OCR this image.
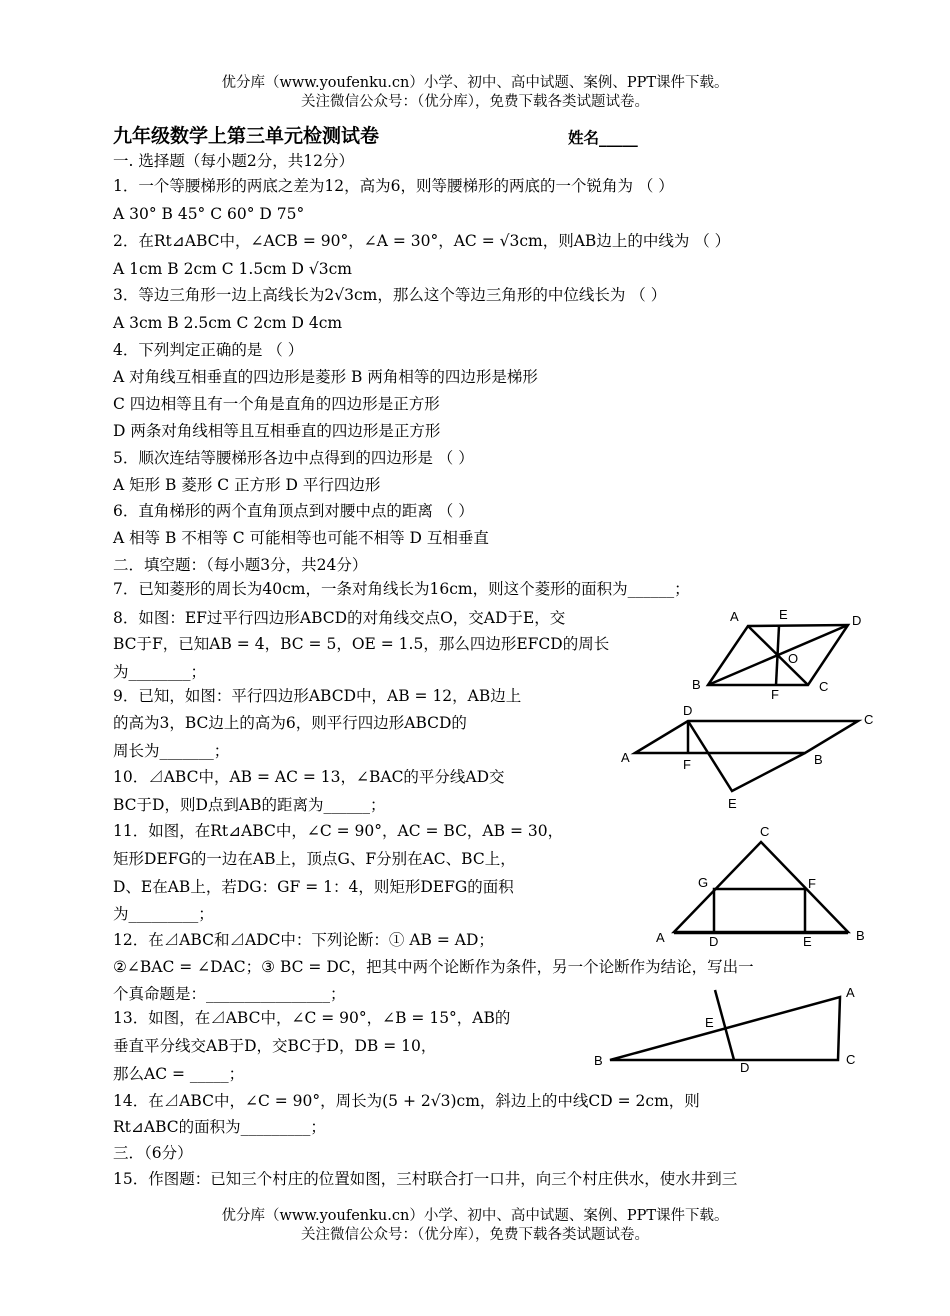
优分库（www.youfenku.cn）小学、初中、高中试题、案例、PPT课件下载。
关注微信公众号：（优分库），免费下载各类试题试卷。
九年级数学上第三单元检测试卷	姓名_____
一. 选择题（每小题2分，共12分）
1．一个等腰梯形的两底之差为12，高为6，则等腰梯形的两底的一个锐角为 （ ）
A 30° B 45° C 60° D 75°
2．在Rt⊿ABC中，∠ACB = 90°，∠A = 30°，AC = √3cm，则AB边上的中线为 （ ）
A 1cm B 2cm C 1.5cm D √3cm
3．等边三角形一边上高线长为2√3cm，那么这个等边三角形的中位线长为 （ ）
A 3cm B 2.5cm C 2cm D 4cm
4．下列判定正确的是 （ ）
A 对角线互相垂直的四边形是菱形 B 两角相等的四边形是梯形
C 四边相等且有一个角是直角的四边形是正方形
D 两条对角线相等且互相垂直的四边形是正方形
5．顺次连结等腰梯形各边中点得到的四边形是 （ ）
A 矩形 B 菱形 C 正方形 D 平行四边形
6．直角梯形的两个直角顶点到对腰中点的距离 （ ）
A 相等 B 不相等 C 可能相等也可能不相等 D 互相垂直
二．填空题：（每小题3分，共24分）
7．已知菱形的周长为40cm，一条对角线长为16cm，则这个菱形的面积为______；
8．如图：EF过平行四边形ABCD的对角线交点O，交AD于E，交
BC于F，已知AB = 4，BC = 5，OE = 1.5，那么四边形EFCD的周长
为________；
9．已知，如图：平行四边形ABCD中，AB = 12，AB边上
的高为3，BC边上的高为6，则平行四边形ABCD的
周长为_______；
10．⊿ABC中，AB = AC = 13，∠BAC的平分线AD交
BC于D，则D点到AB的距离为______；
11．如图，在Rt⊿ABC中，∠C = 90°，AC = BC，AB = 30，
矩形DEFG的一边在AB上，顶点G、F分别在AC、BC上，
D、E在AB上，若DG：GF = 1：4，则矩形DEFG的面积
为_________；
12．在⊿ABC和⊿ADC中：下列论断：① AB = AD；
②∠BAC = ∠DAC；③ BC = DC，把其中两个论断作为条件，另一个论断作为结论，写出一
个真命题是：________________；
13．如图，在⊿ABC中，∠C = 90°，∠B = 15°，AB的
垂直平分线交AB于D，交BC于D，DB = 10，
那么AC = _____；
14．在⊿ABC中，∠C = 90°，周长为(5 + 2√3)cm，斜边上的中线CD = 2cm，则
Rt⊿ABC的面积为_________；
三．（6分）
15．作图题：已知三个村庄的位置如图，三村联合打一口井，向三个村庄供水，使水井到三
优分库（www.youfenku.cn）小学、初中、高中试题、案例、PPT课件下载。
关注微信公众号：（优分库），免费下载各类试题试卷。
A	E	D
O
B
F
C
D
C
A	F	B
E
C
G	F
A	D	E	B
A
E
B	D
C
